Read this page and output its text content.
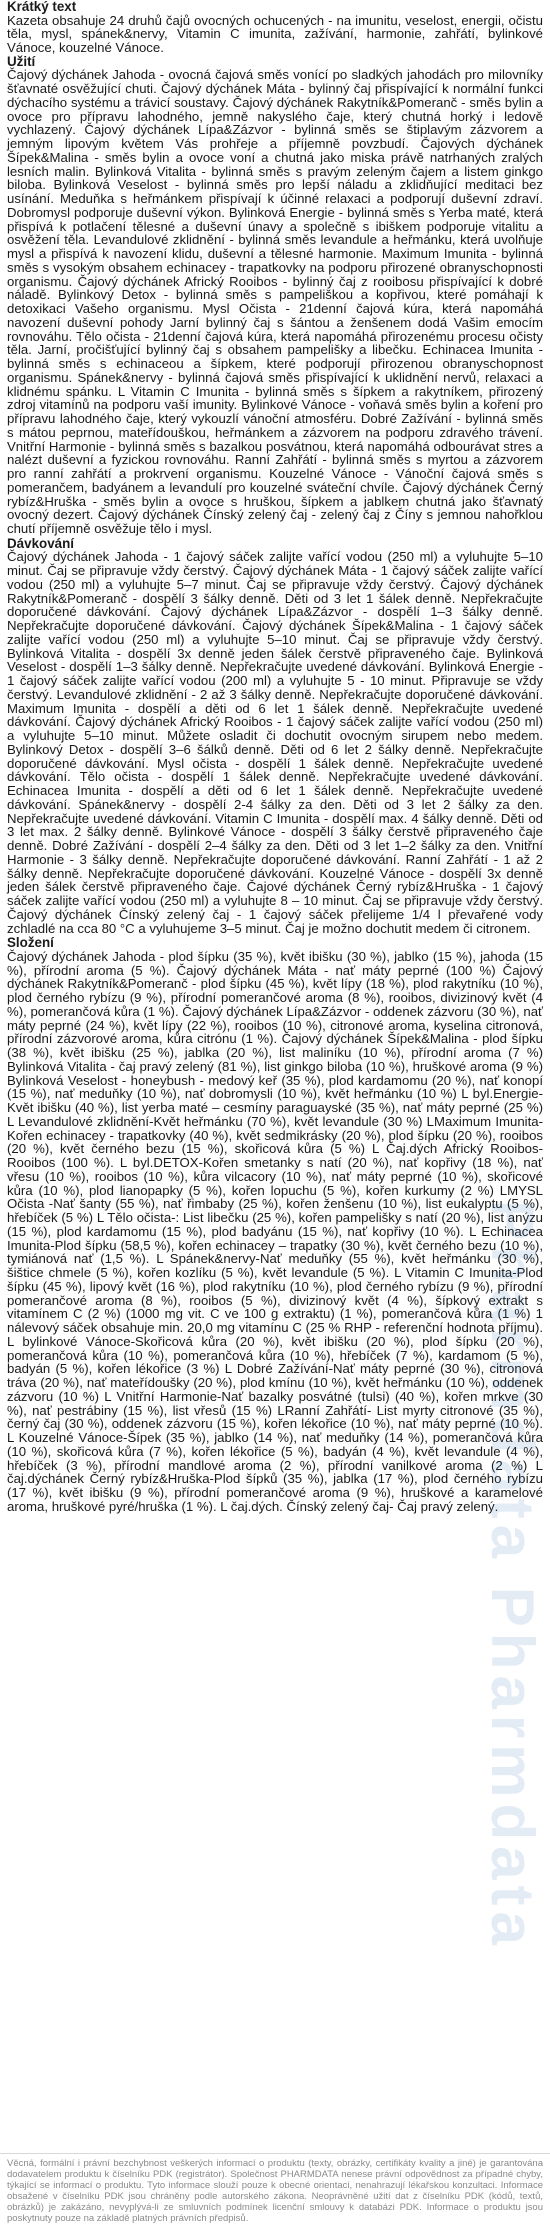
Krátký text

Kazeta obsahuje 24 druhů čajů ovocných ochucených - na imunitu, veselost, energii, očistu těla, mysl, spánek&nervy, Vitamin C imunita, zažívání, harmonie, zahřátí, bylinkové Vánoce, kouzelné Vánoce.

Užití

Čajový dýchánek Jahoda - ovocná čajová směs vonící po sladkých jahodách pro milovníky šťavnaté osvěžující chuti. Čajový dýchánek Máta - bylinný čaj přispívající k normální funkci dýchacího systému a trávicí soustavy. Čajový dýchánek Rakytník&Pomeranč - směs bylin a ovoce pro přípravu lahodného, jemně nakyslého čaje, který chutná horký i ledově vychlazený. Čajový dýchánek Lípa&Zázvor - bylinná směs se štiplavým zázvorem a jemným lipovým květem Vás prohřeje a příjemně povzbudí. Čajových dýchánek Šípek&Malina - směs bylin a ovoce voní a chutná jako miska právě natrhaných zralých lesních malin. Bylinková Vitalita - bylinná směs s pravým zeleným čajem a listem ginkgo biloba. Bylinková Veselost - bylinná směs pro lepší náladu a zklidňující meditaci bez usínání. Meduňka s heřmánkem přispívají k účinné relaxaci a podporují duševní zdraví. Dobromysl podporuje duševní výkon. Bylinková Energie - bylinná směs s Yerba maté, která přispívá k potlačení tělesné a duševní únavy a společně s ibiškem podporuje vitalitu a osvěžení těla. Levandulové zklidnění - bylinná směs levandule a heřmánku, která uvolňuje mysl a přispívá k navození klidu, duševní a tělesné harmonie. Maximum Imunita - bylinná směs s vysokým obsahem echinacey - trapatkovky na podporu přirozené obranyschopnosti organismu. Čajový dýchánek Africký Rooibos - bylinný čaj z rooibosu přispívající k dobré náladě. Bylinkový Detox - bylinná směs s pampeliškou a kopřivou, které pomáhají k detoxikaci Vašeho organismu. Mysl Očista - 21denní čajová kúra, která napomáhá navození duševní pohody Jarní bylinný čaj s šántou a ženšenem dodá Vašim emocím rovnováhu. Tělo očista - 21denní čajová kúra, která napomáhá přirozenému procesu očisty těla. Jarní, pročišťující bylinný čaj s obsahem pampelišky a libečku. Echinacea Imunita - bylinná směs s echinaceou a šípkem, které podporují přirozenou obranyschopnost organismu. Spánek&nervy - bylinná čajová směs přispívající k uklidnění nervů, relaxaci a klidnému spánku. L Vitamin C Imunita - bylinná směs s šípkem a rakytníkem, přirozený zdroj vitamínů na podporu vaší imunity. Bylinkové Vánoce - voňavá směs bylin a koření pro přípravu lahodného čaje, který vykouzlí vánoční atmosféru. Dobré Zažívání - bylinná směs s mátou peprnou, mateřídouškou, heřmánkem a zázvorem na podporu zdravého trávení. Vnitřní Harmonie - bylinná směs s bazalkou posvátnou, která napomáhá odbourávat stres a nalézt duševní a fyzickou rovnováhu. Ranní Zahřátí - bylinná směs s myrtou a zázvorem pro ranní zahřátí a prokrvení organismu. Kouzelné Vánoce - Vánoční čajová směs s pomerančem, badyánem a levandulí pro kouzelné sváteční chvíle. Čajový dýchánek Černý rybíz&Hruška - směs bylin a ovoce s hruškou, šípkem a jablkem chutná jako šťavnatý ovocný dezert. Čajový dýchánek Čínský zelený čaj - zelený čaj z Číny s jemnou nahořklou chutí příjemně osvěžuje tělo i mysl.

Dávkování

Čajový dýchánek Jahoda - 1 čajový sáček zalijte vařící vodou (250 ml) a vyluhujte 5–10 minut. Čaj se připravuje vždy čerstvý. Čajový dýchánek Máta - 1 čajový sáček zalijte vařící vodou (250 ml) a vyluhujte 5–7 minut. Čaj se připravuje vždy čerstvý. Čajový dýchánek Rakytník&Pomeranč - dospělí 3 šálky denně. Děti od 3 let 1 šálek denně. Nepřekračujte doporučené dávkování. Čajový dýchánek Lípa&Zázvor - dospělí 1–3 šálky denně. Nepřekračujte doporučené dávkování. Čajový dýchánek Šípek&Malina - 1 čajový sáček zalijte vařící vodou (250 ml) a vyluhujte 5–10 minut. Čaj se připravuje vždy čerstvý. Bylinková Vitalita - dospělí 3x denně jeden šálek čerstvě připraveného čaje. Bylinková Veselost - dospělí 1–3 šálky denně. Nepřekračujte uvedené dávkování. Bylinková Energie - 1 čajový sáček zalijte vařící vodou (200 ml) a vyluhujte 5 - 10 minut. Připravuje se vždy čerstvý. Levandulové zklidnění - 2 až 3 šálky denně. Nepřekračujte doporučené dávkování. Maximum Imunita - dospělí a děti od 6 let 1 šálek denně. Nepřekračujte uvedené dávkování. Čajový dýchánek Africký Rooibos - 1 čajový sáček zalijte vařící vodou (250 ml) a vyluhujte 5–10 minut. Můžete osladit či dochutit ovocným sirupem nebo medem. Bylinkový Detox - dospělí 3–6 šálků denně. Děti od 6 let 2 šálky denně. Nepřekračujte doporučené dávkování. Mysl očista - dospělí 1 šálek denně. Nepřekračujte uvedené dávkování. Tělo očista - dospělí 1 šálek denně. Nepřekračujte uvedené dávkování. Echinacea Imunita - dospělí a děti od 6 let 1 šálek denně. Nepřekračujte uvedené dávkování. Spánek&nervy - dospělí 2-4 šálky za den. Děti od 3 let 2 šálky za den. Nepřekračujte uvedené dávkování. Vitamin C Imunita - dospělí max. 4 šálky denně. Děti od 3 let max. 2 šálky denně. Bylinkové Vánoce - dospělí 3 šálky čerstvě připraveného čaje denně. Dobré Zažívání - dospělí 2–4 šálky za den. Děti od 3 let 1–2 šálky za den. Vnitřní Harmonie - 3 šálky denně. Nepřekračujte doporučené dávkování. Ranní Zahřátí - 1 až 2 šálky denně. Nepřekračujte doporučené dávkování. Kouzelné Vánoce - dospělí 3x denně jeden šálek čerstvě připraveného čaje. Čajové dýchánek Černý rybíz&Hruška - 1 čajový sáček zalijte vařící vodou (250 ml) a vyluhujte 8 – 10 minut. Čaj se připravuje vždy čerstvý. Čajový dýchánek Čínský zelený čaj - 1 čajový sáček přelijeme 1/4 l převařené vody zchladlé na cca 80 °C a vyluhujeme 3–5 minut. Čaj je možno dochutit medem či citronem.

Složení

Čajový dýchánek Jahoda - plod šípku (35 %), květ ibišku (30 %), jablko (15 %), jahoda (15 %), přírodní aroma (5 %). Čajový dýchánek Máta - nať máty peprné (100 %) Čajový dýchánek Rakytník&Pomeranč - plod šípku (45 %), květ lípy (18 %), plod rakytníku (10 %), plod černého rybízu (9 %), přírodní pomerančové aroma (8 %), rooibos, divizinový květ (4 %), pomerančová kůra (1 %). Čajový dýchánek Lípa&Zázvor - oddenek zázvoru (30 %), nať máty peprné (24 %), květ lípy (22 %), rooibos (10 %), citronové aroma, kyselina citronová, přírodní zázvorové aroma, kůra citrónu (1 %). Čajový dýchánek Šípek&Malina - plod šípku (38 %), květ ibišku (25 %), jablka (20 %), list maliníku (10 %), přírodní aroma (7 %) Bylinková Vitalita - čaj pravý zelený (81 %), list ginkgo biloba (10 %), hruškové aroma (9 %) Bylinková Veselost - honeybush - medový keř (35 %), plod kardamomu (20 %), nať konopí (15 %), nať meduňky (10 %), nať dobromysli (10 %), květ heřmánku (10 %) L byl.Energie-Květ ibišku (40 %), list yerba maté – cesmíny paraguayské (35 %), nať máty peprné (25 %) L Levandulové zklidnění-Květ heřmánku (70 %), květ levandule (30 %) LMaximum Imunita-Kořen echinacey - trapatkovky (40 %), květ sedmikrásky (20 %), plod šípku (20 %), rooibos (20 %), květ černého bezu (15 %), skořicová kůra (5 %) L Čaj.dých Africký Rooibos-Rooibos (100 %). L byl.DETOX-Kořen smetanky s natí (20 %), nať kopřivy (18 %), nať vřesu (10 %), rooibos (10 %), kůra vilcacory (10 %), nať máty peprné (10 %), skořicové kůra (10 %), plod lianopapky (5 %), kořen lopuchu (5 %), kořen kurkumy (2 %) LMYSL Očista -Nať šanty (55 %), nať řimbaby (25 %), kořen ženšenu (10 %), list eukalyptu (5 %), hřebíček (5 %) L Tělo očista-: List libečku (25 %), kořen pampelišky s natí (20 %), list anýzu (15 %), plod kardamomu (15 %), plod badyánu (15 %), nať kopřivy (10 %). L Echinacea Imunita-Plod šípku (58,5 %), kořen echinacey – trapatky (30 %), květ černého bezu (10 %), tymiánová nať (1,5 %). L Spánek&nervy-Nať meduňky (55 %), květ heřmánku (30 %), šištice chmele (5 %), kořen kozlíku (5 %), květ levandule (5 %). L Vitamin C Imunita-Plod šípku (45 %), lipový květ (16 %), plod rakytníku (10 %), plod černého rybízu (9 %), přírodní pomerančové aroma (8 %), rooibos (5 %), divizinový květ (4 %), šípkový extrakt s vitamínem C (2 %) (1000 mg vit. C ve 100 g extraktu) (1 %), pomerančová kůra (1 %) 1 nálevový sáček obsahuje min. 20,0 mg vitamínu C (25 % RHP - referenční hodnota příjmu). L bylinkové Vánoce-Skořicová kůra (20 %), květ ibišku (20 %), plod šípku (20 %), pomerančová kůra (10 %), pomerančová kůra (10 %), hřebíček (7 %), kardamom (5 %), badyán (5 %), kořen lékořice (3 %) L Dobré Zažívání-Nať máty peprné (30 %), citronová tráva (20 %), nať mateřídoušky (20 %), plod kmínu (10 %), květ heřmánku (10 %), oddenek zázvoru (10 %) L Vnitřní Harmonie-Nať bazalky posvátné (tulsi) (40 %), kořen mrkve (30 %), nať pestrábiny (15 %), list vřesů (15 %) LRanní Zahřátí- List myrty citronové (35 %), černý čaj (30 %), oddenek zázvoru (15 %), kořen lékořice (10 %), nať máty peprné (10 %). L Kouzelné Vánoce-Šípek (35 %), jablko (14 %), nať meduňky (14 %), pomerančová kůra (10 %), skořicová kůra (7 %), kořen lékořice (5 %), badyán (4 %), květ levandule (4 %), hřebíček (3 %), přírodní mandlové aroma (2 %), přírodní vanilkové aroma (2 %) L čaj.dýchánek Černý rybíz&Hruška-Plod šípků (35 %), jablka (17 %), plod černého rybízu (17 %), květ ibišku (9 %), přírodní pomerančové aroma (9 %), hruškové a karamelové aroma, hruškové pyré/hruška (1 %). L čaj.dých. Čínský zelený čaj- Čaj pravý zelený.

Pharmdata Pharmdata

Věcná, formální i právní bezchybnost veškerých informací o produktu (texty, obrázky, certifikáty kvality a jiné) je garantována dodavatelem produktu k číselníku PDK (registrátor). Společnost PHARMDATA nenese právní odpovědnost za případné chyby, týkající se informací o produktu. Tyto informace slouží pouze k obecné orientaci, nenahrazují lékařskou konzultaci. Informace obsažené v číselníku PDK jsou chráněny podle autorského zákona. Neoprávněné užití dat z číselníku PDK (kódů, textů, obrázků) je zakázáno, nevyplývá-li ze smluvních podmínek licenční smlouvy k databázi PDK. Informace o produktu jsou poskytnuty pouze na základě platných právních předpisů.
